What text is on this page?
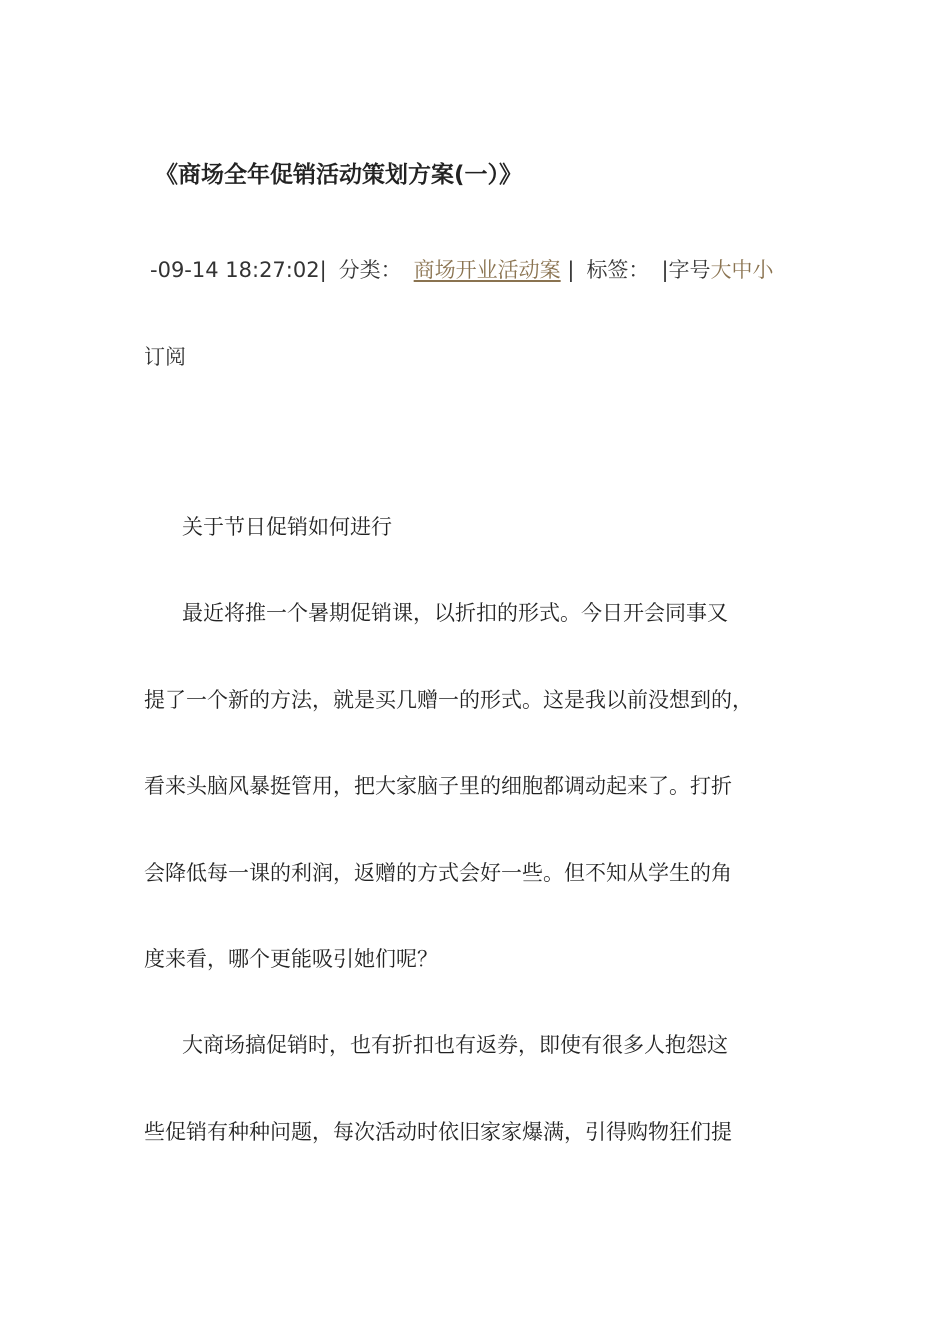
《商场全年促销活动策划方案(一）》
-09-14 18:27:02| 分类： 商场开业活动案 | 标签： |字号大中小
订阅
关于节日促销如何进行
最近将推一个暑期促销课，以折扣的形式。今日开会同事又
提了一个新的方法，就是买几赠一的形式。这是我以前没想到的，
看来头脑风暴挺管用，把大家脑子里的细胞都调动起来了。打折
会降低每一课的利润，返赠的方式会好一些。但不知从学生的角
度来看，哪个更能吸引她们呢？
大商场搞促销时，也有折扣也有返券，即使有很多人抱怨这
些促销有种种问题，每次活动时依旧家家爆满，引得购物狂们提
